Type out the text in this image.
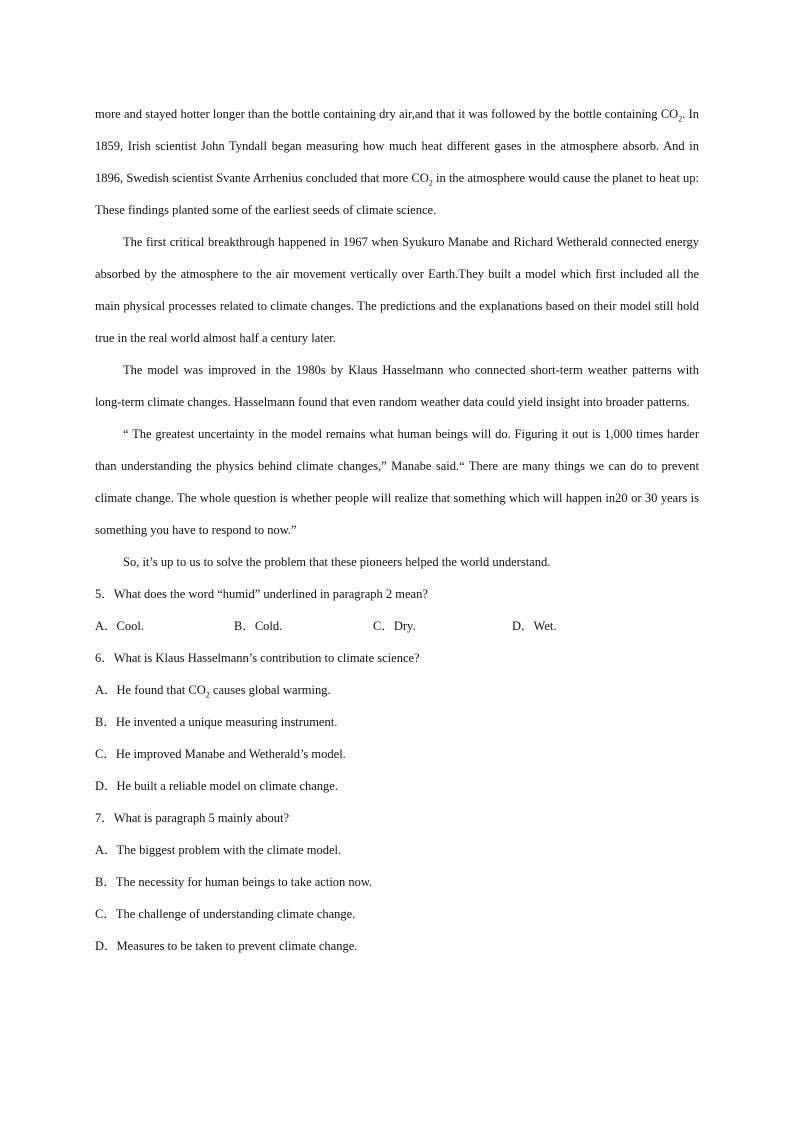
more and stayed hotter longer than the bottle containing dry air,and that it was followed by the bottle containing $CO_2$. In 1859, Irish scientist John Tyndall began measuring how much heat different gases in the atmosphere absorb. And in 1896, Swedish scientist Svante Arrhenius concluded that more $CO_2$ in the atmosphere would cause the planet to heat up: These findings planted some of the earliest seeds of climate science.

The first critical breakthrough happened in 1967 when Syukuro Manabe and Richard Wetherald connected energy absorbed by the atmosphere to the air movement vertically over Earth.They built a model which first included all the main physical processes related to climate changes. The predictions and the explanations based on their model still hold true in the real world almost half a century later.

The model was improved in the 1980s by Klaus Hasselmann who connected short-term weather patterns with long-term climate changes. Hasselmann found that even random weather data could yield insight into broader patterns.

“ The greatest uncertainty in the model remains what human beings will do. Figuring it out is 1,000 times harder than understanding the physics behind climate changes,” Manabe said.“ There are many things we can do to prevent climate change. The whole question is whether people will realize that something which will happen in20 or 30 years is something you have to respond to now.”

So, it’s up to us to solve the problem that these pioneers helped the world understand.

5．What does the word “humid” underlined in paragraph 2 mean?

A．Cool.	B．Cold.	C．Dry.	D．Wet.

6．What is Klaus Hasselmann’s contribution to climate science?

A．He found that $CO_2$ causes global warming.
B．He invented a unique measuring instrument.
C．He improved Manabe and Wetherald’s model.
D．He built a reliable model on climate change.

7．What is paragraph 5 mainly about?

A．The biggest problem with the climate model.
B．The necessity for human beings to take action now.
C．The challenge of understanding climate change.
D．Measures to be taken to prevent climate change.
